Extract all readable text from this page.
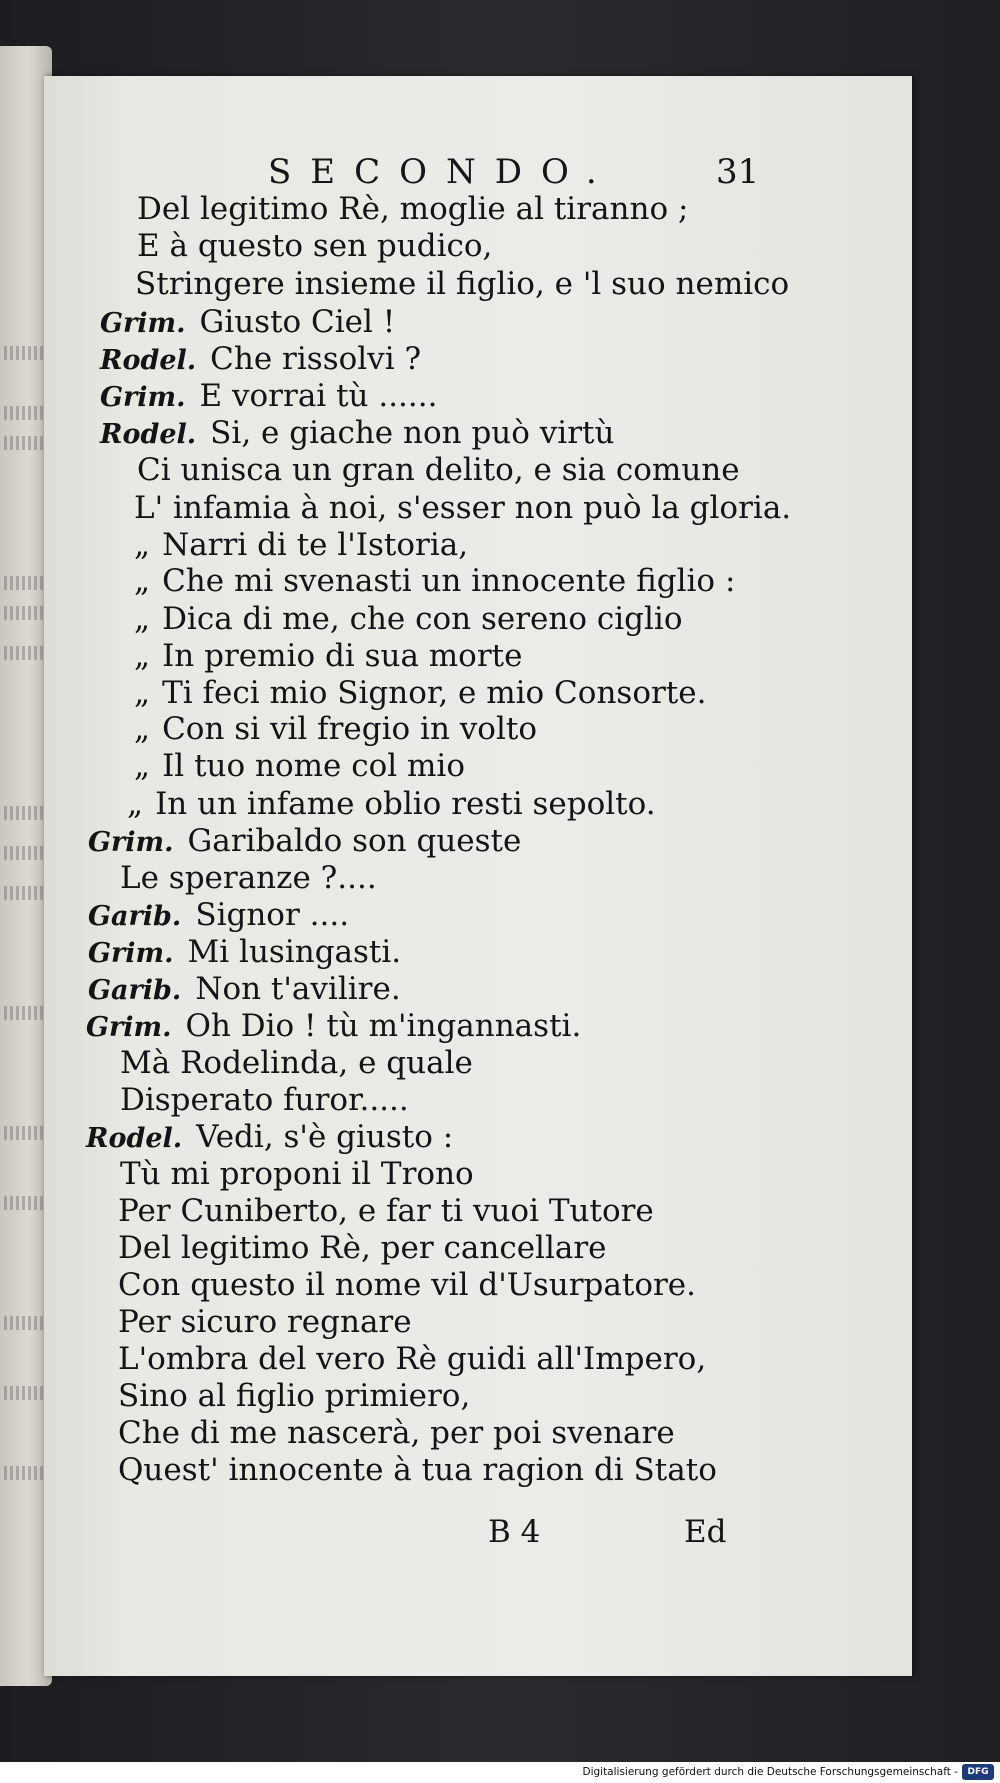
SECONDO.	31
Del legitimo Rè, moglie al tiranno ;
E à questo sen pudico,
Stringere insieme il figlio, e 'l suo nemico
Grim. Giusto Ciel !
Rodel. Che rissolvi ?
Grim. E vorrai tù ......
Rodel. Si, e giache non può virtù
Ci unisca un gran delito, e sia comune
L' infamia à noi, s'esser non può la gloria.
„ Narri di te l'Istoria,
„ Che mi svenasti un innocente figlio :
„ Dica di me, che con sereno ciglio
„ In premio di sua morte
„ Ti feci mio Signor, e mio Consorte.
„ Con si vil fregio in volto
„ Il tuo nome col mio
„ In un infame oblio resti sepolto.
Grim. Garibaldo son queste
Le speranze ?....
Garib. Signor ....
Grim. Mi lusingasti.
Garib. Non t'avilire.
Grim. Oh Dio ! tù m'ingannasti.
Mà Rodelinda, e quale
Disperato furor.....
Rodel. Vedi, s'è giusto :
Tù mi proponi il Trono
Per Cuniberto, e far ti vuoi Tutore
Del legitimo Rè, per cancellare
Con questo il nome vil d'Usurpatore.
Per sicuro regnare
L'ombra del vero Rè guidi all'Impero,
Sino al figlio primiero,
Che di me nascerà, per poi svenare
Quest' innocente à tua ragion di Stato
B 4	Ed
Digitalisierung gefördert durch die Deutsche Forschungsgemeinschaft -	DFG
